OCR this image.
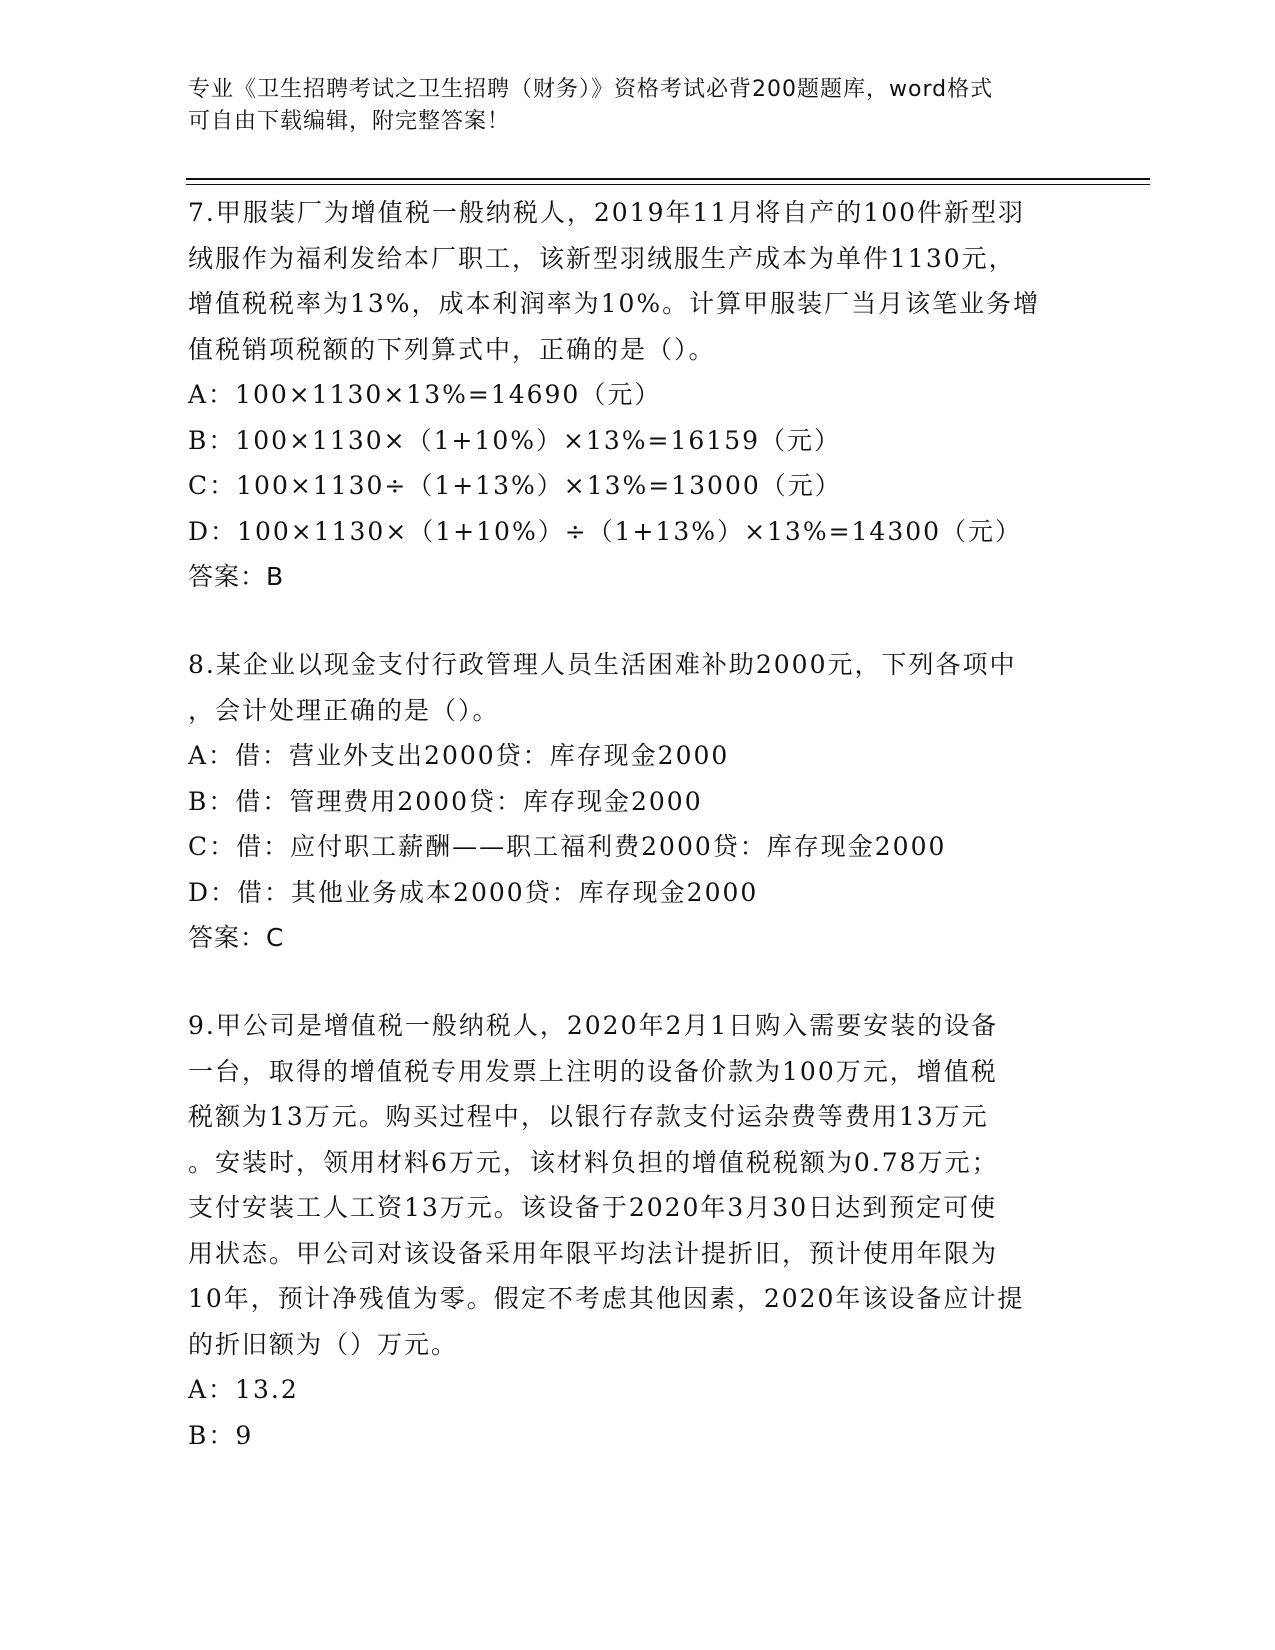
专业《卫生招聘考试之卫生招聘（财务）》资格考试必背200题题库，word格式
可自由下载编辑，附完整答案！

7.甲服装厂为增值税一般纳税人，2019年11月将自产的100件新型羽

绒服作为福利发给本厂职工，该新型羽绒服生产成本为单件1130元，

增值税税率为13%，成本利润率为10%。计算甲服装厂当月该笔业务增

值税销项税额的下列算式中，正确的是（）。

A：100×1130×13%=14690（元）

B：100×1130×（1+10%）×13%=16159（元）

C：100×1130÷（1+13%）×13%=13000（元）

D：100×1130×（1+10%）÷（1+13%）×13%=14300（元）

答案：B

8.某企业以现金支付行政管理人员生活困难补助2000元，下列各项中

，会计处理正确的是（）。

A：借：营业外支出2000贷：库存现金2000

B：借：管理费用2000贷：库存现金2000

C：借：应付职工薪酬——职工福利费2000贷：库存现金2000

D：借：其他业务成本2000贷：库存现金2000

答案：C

9.甲公司是增值税一般纳税人，2020年2月1日购入需要安装的设备

一台，取得的增值税专用发票上注明的设备价款为100万元，增值税

税额为13万元。购买过程中，以银行存款支付运杂费等费用13万元

。安装时，领用材料6万元，该材料负担的增值税税额为0.78万元；

支付安装工人工资13万元。该设备于2020年3月30日达到预定可使

用状态。甲公司对该设备采用年限平均法计提折旧，预计使用年限为

10年，预计净残值为零。假定不考虑其他因素，2020年该设备应计提

的折旧额为（）万元。

A：13.2

B：9
